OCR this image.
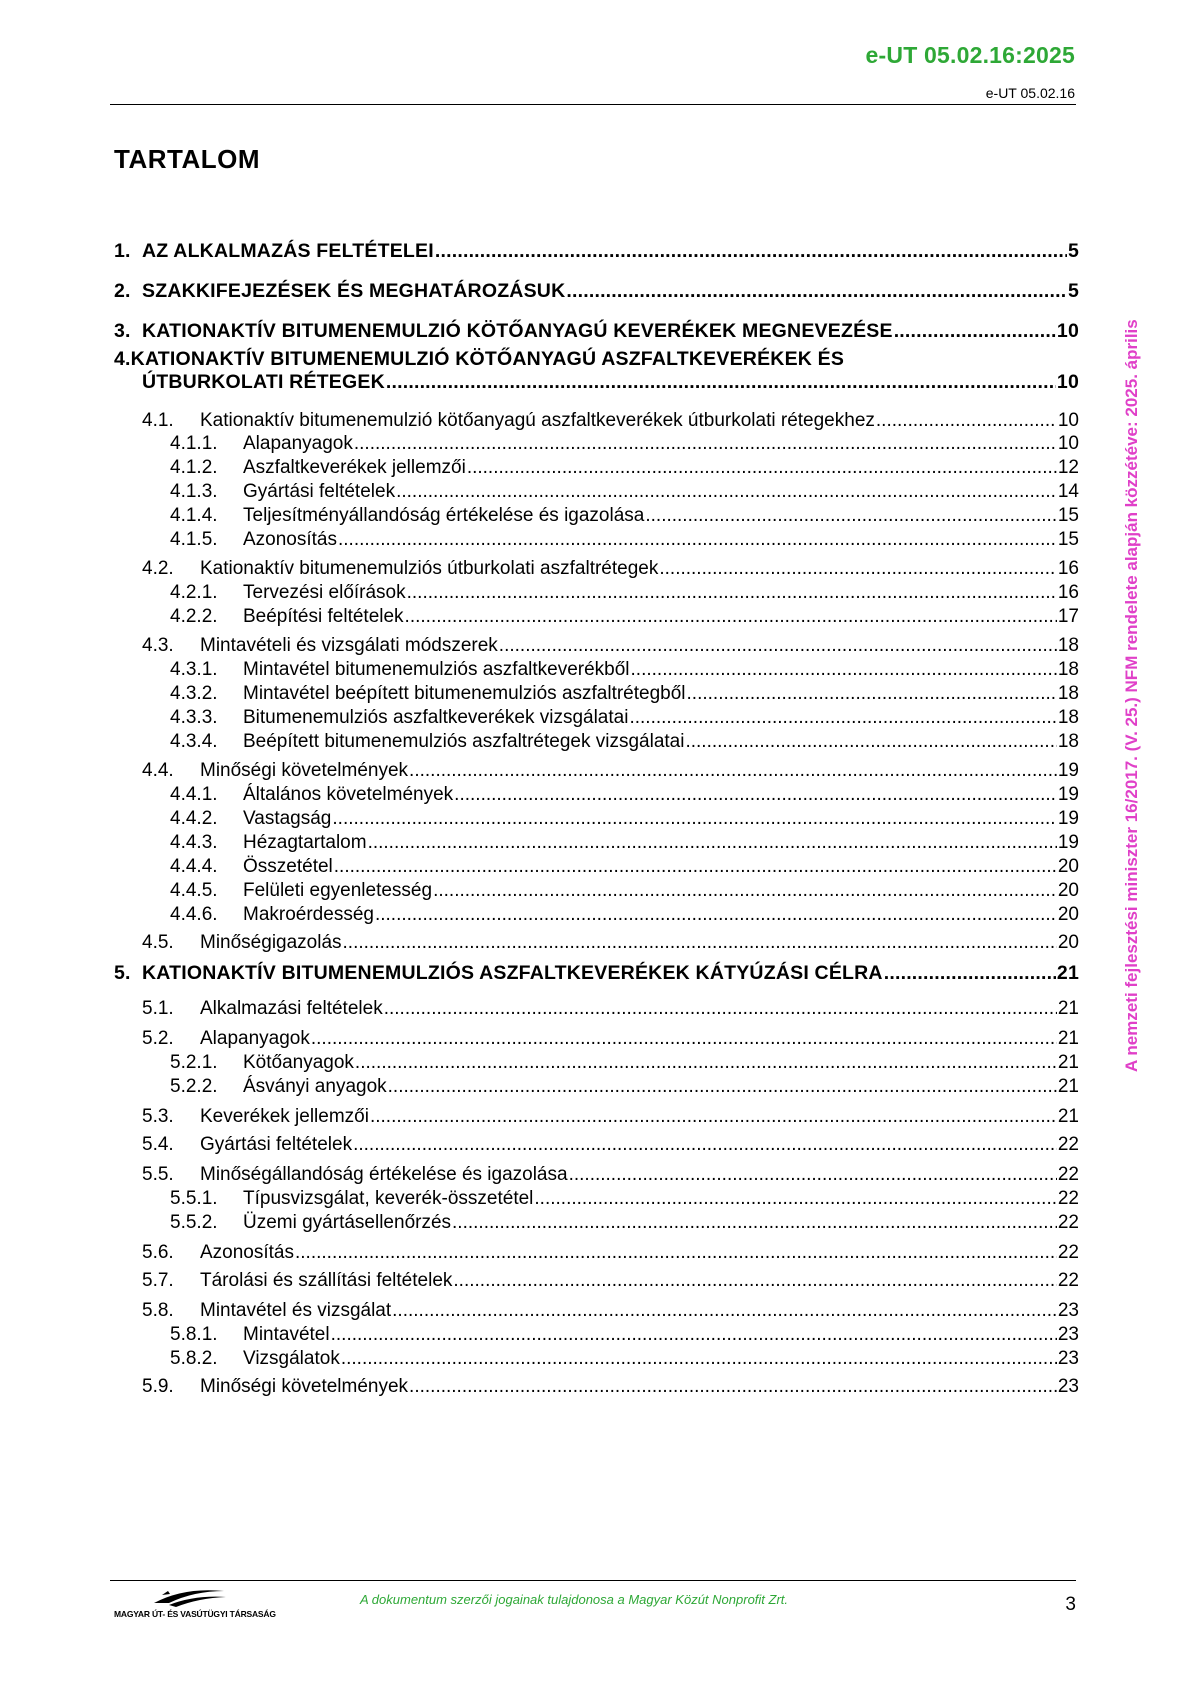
e-UT 05.02.16:2025
e-UT 05.02.16
TARTALOM
1. AZ ALKALMAZÁS FELTÉTELEI .....	5
2. SZAKKIFEJEZÉSEK ÉS MEGHATÁROZÁSUK .....	5
3. KATIONAKTÍV BITUMENEMULZIÓ KÖTŐANYAGÚ KEVERÉKEK MEGNEVEZÉSE .....	10
4.KATIONAKTÍV BITUMENEMULZIÓ KÖTŐANYAGÚ ASZFALTKEVERÉKEK ÉS
ÚTBURKOLATI RÉTEGEK .....	10
4.1.	Kationaktív bitumenemulzió kötőanyagú aszfaltkeverékek útburkolati rétegekhez .....	10
4.1.1.	Alapanyagok .....	10
4.1.2.	Aszfaltkeverékek jellemzői .....	12
4.1.3.	Gyártási feltételek .....	14
4.1.4.	Teljesítményállandóság értékelése és igazolása .....	15
4.1.5.	Azonosítás .....	15
4.2.	Kationaktív bitumenemulziós útburkolati aszfaltrétegek .....	16
4.2.1.	Tervezési előírások .....	16
4.2.2.	Beépítési feltételek .....	17
4.3.	Mintavételi és vizsgálati módszerek .....	18
4.3.1.	Mintavétel bitumenemulziós aszfaltkeverékből .....	18
4.3.2.	Mintavétel beépített bitumenemulziós aszfaltrétegből .....	18
4.3.3.	Bitumenemulziós aszfaltkeverékek vizsgálatai .....	18
4.3.4.	Beépített bitumenemulziós aszfaltrétegek vizsgálatai .....	18
4.4.	Minőségi követelmények .....	19
4.4.1.	Általános követelmények .....	19
4.4.2.	Vastagság .....	19
4.4.3.	Hézagtartalom .....	19
4.4.4.	Összetétel .....	20
4.4.5.	Felületi egyenletesség .....	20
4.4.6.	Makroérdesség .....	20
4.5.	Minőségigazolás .....	20
5. KATIONAKTÍV BITUMENEMULZIÓS ASZFALTKEVERÉKEK KÁTYÚZÁSI CÉLRA .....	21
5.1.	Alkalmazási feltételek .....	21
5.2.	Alapanyagok .....	21
5.2.1.	Kötőanyagok .....	21
5.2.2.	Ásványi anyagok .....	21
5.3.	Keverékek jellemzői .....	21
5.4.	Gyártási feltételek .....	22
5.5.	Minőségállandóság értékelése és igazolása .....	22
5.5.1.	Típusvizsgálat, keverék-összetétel .....	22
5.5.2.	Üzemi gyártásellenőrzés .....	22
5.6.	Azonosítás .....	22
5.7.	Tárolási és szállítási feltételek .....	22
5.8.	Mintavétel és vizsgálat .....	23
5.8.1.	Mintavétel .....	23
5.8.2.	Vizsgálatok .....	23
5.9.	Minőségi követelmények .....	23
A nemzeti fejlesztési miniszter 16/2017. (V. 25.) NFM rendelete alapján közzétéve: 2025. április
MAGYAR ÚT- ÉS VASÚTÜGYI TÁRSASÁG
A dokumentum szerzői jogainak tulajdonosa a Magyar Közút Nonprofit Zrt.	3
